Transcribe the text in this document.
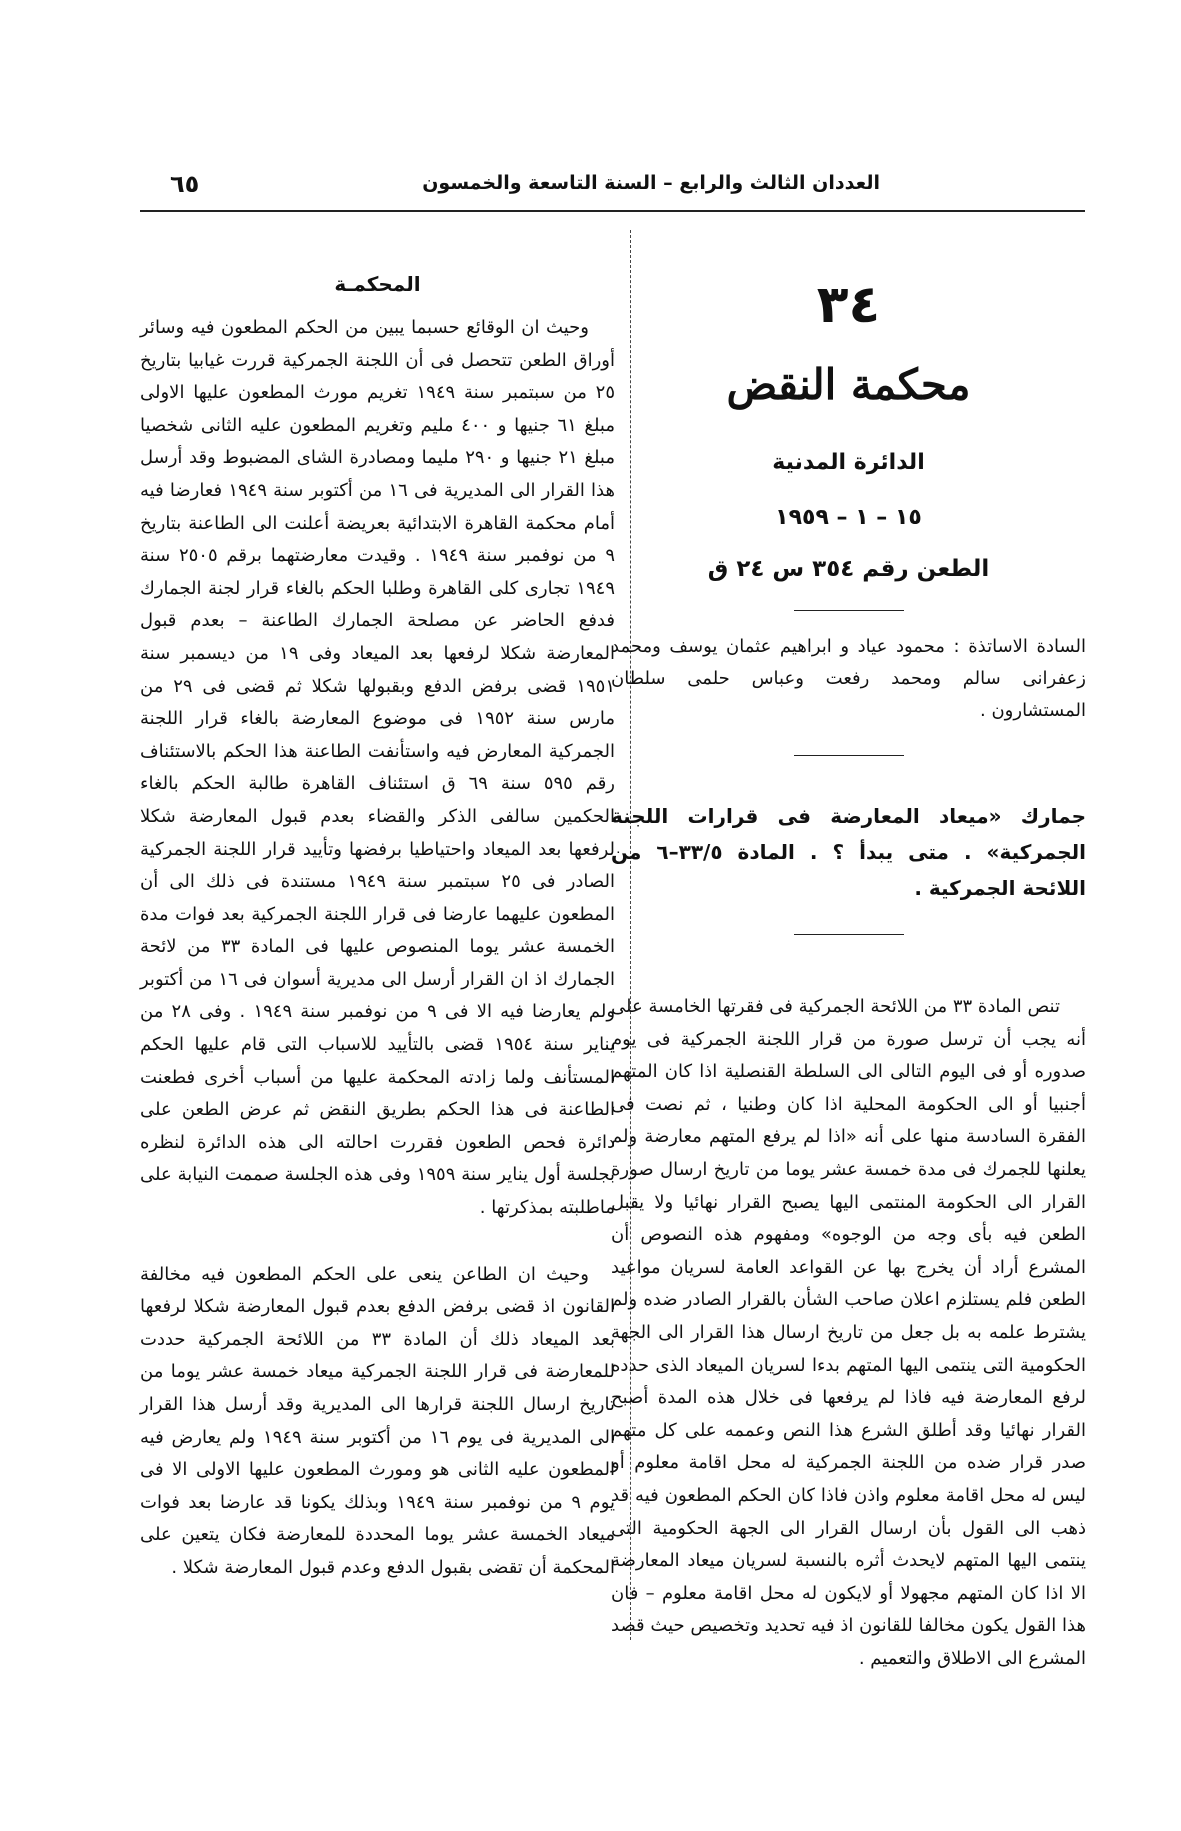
العددان الثالث والرابع – السنة التاسعة والخمسون
٦٥
٣٤
محكمة النقض
الدائرة المدنية
١٥ – ١ – ١٩٥٩
الطعن رقم ٣٥٤ س ٢٤ ق

السادة الاساتذة : محمود عياد و ابراهيم عثمان يوسف ومحمد زعفرانى سالم ومحمد رفعت وعباس حلمى سلطان المستشارون .

جمارك «ميعاد المعارضة فى قرارات اللجنة الجمركية» . متى يبدأ ؟ . المادة ٣٣/٥–٦ من اللائحة الجمركية .

تنص المادة ٣٣ من اللائحة الجمركية فى فقرتها الخامسة على أنه يجب أن ترسل صورة من قرار اللجنة الجمركية فى يوم صدوره أو فى اليوم التالى الى السلطة القنصلية اذا كان المتهم أجنبيا أو الى الحكومة المحلية اذا كان وطنيا ، ثم نصت فى الفقرة السادسة منها على أنه «اذا لم يرفع المتهم معارضة ولم يعلنها للجمرك فى مدة خمسة عشر يوما من تاريخ ارسال صورة القرار الى الحكومة المنتمى اليها يصبح القرار نهائيا ولا يقبل الطعن فيه بأى وجه من الوجوه» ومفهوم هذه النصوص أن المشرع أراد أن يخرج بها عن القواعد العامة لسريان مواعيد الطعن فلم يستلزم اعلان صاحب الشأن بالقرار الصادر ضده ولم يشترط علمه به بل جعل من تاريخ ارسال هذا القرار الى الجهة الحكومية التى ينتمى اليها المتهم بدءا لسريان الميعاد الذى حدده لرفع المعارضة فيه فاذا لم يرفعها فى خلال هذه المدة أصبح القرار نهائيا وقد أطلق الشرع هذا النص وعممه على كل متهم صدر قرار ضده من اللجنة الجمركية له محل اقامة معلوم أو ليس له محل اقامة معلوم واذن فاذا كان الحكم المطعون فيه قد ذهب الى القول بأن ارسال القرار الى الجهة الحكومية التى ينتمى اليها المتهم لايحدث أثره بالنسبة لسريان ميعاد المعارضة الا اذا كان المتهم مجهولا أو لايكون له محل اقامة معلوم – فان هذا القول يكون مخالفا للقانون اذ فيه تحديد وتخصيص حيث قصد المشرع الى الاطلاق والتعميم .

المحكمـة

وحيث ان الوقائع حسبما يبين من الحكم المطعون فيه وسائر أوراق الطعن تتحصل فى أن اللجنة الجمركية قررت غيابيا بتاريخ ٢٥ من سبتمبر سنة ١٩٤٩ تغريم مورث المطعون عليها الاولى مبلغ ٦١ جنيها و ٤٠٠ مليم وتغريم المطعون عليه الثانى شخصيا مبلغ ٢١ جنيها و ٢٩٠ مليما ومصادرة الشاى المضبوط وقد أرسل هذا القرار الى المديرية فى ١٦ من أكتوبر سنة ١٩٤٩ فعارضا فيه أمام محكمة القاهرة الابتدائية بعريضة أعلنت الى الطاعنة بتاريخ ٩ من نوفمبر سنة ١٩٤٩ . وقيدت معارضتهما برقم ٢٥٠٥ سنة ١٩٤٩ تجارى كلى القاهرة وطلبا الحكم بالغاء قرار لجنة الجمارك فدفع الحاضر عن مصلحة الجمارك الطاعنة – بعدم قبول المعارضة شكلا لرفعها بعد الميعاد وفى ١٩ من ديسمبر سنة ١٩٥١ قضى برفض الدفع وبقبولها شكلا ثم قضى فى ٢٩ من مارس سنة ١٩٥٢ فى موضوع المعارضة بالغاء قرار اللجنة الجمركية المعارض فيه واستأنفت الطاعنة هذا الحكم بالاستئناف رقم ٥٩٥ سنة ٦٩ ق استئناف القاهرة طالبة الحكم بالغاء الحكمين سالفى الذكر والقضاء بعدم قبول المعارضة شكلا لرفعها بعد الميعاد واحتياطيا برفضها وتأييد قرار اللجنة الجمركية الصادر فى ٢٥ سبتمبر سنة ١٩٤٩ مستندة فى ذلك الى أن المطعون عليهما عارضا فى قرار اللجنة الجمركية بعد فوات مدة الخمسة عشر يوما المنصوص عليها فى المادة ٣٣ من لائحة الجمارك اذ ان القرار أرسل الى مديرية أسوان فى ١٦ من أكتوبر ولم يعارضا فيه الا فى ٩ من نوفمبر سنة ١٩٤٩ . وفى ٢٨ من يناير سنة ١٩٥٤ قضى بالتأييد للاسباب التى قام عليها الحكم المستأنف ولما زادته المحكمة عليها من أسباب أخرى فطعنت الطاعنة فى هذا الحكم بطريق النقض ثم عرض الطعن على دائرة فحص الطعون فقررت احالته الى هذه الدائرة لنظره بجلسة أول يناير سنة ١٩٥٩ وفى هذه الجلسة صممت النيابة على ماطلبته بمذكرتها .

وحيث ان الطاعن ينعى على الحكم المطعون فيه مخالفة القانون اذ قضى برفض الدفع بعدم قبول المعارضة شكلا لرفعها بعد الميعاد ذلك أن المادة ٣٣ من اللائحة الجمركية حددت للمعارضة فى قرار اللجنة الجمركية ميعاد خمسة عشر يوما من تاريخ ارسال اللجنة قرارها الى المديرية وقد أرسل هذا القرار الى المديرية فى يوم ١٦ من أكتوبر سنة ١٩٤٩ ولم يعارض فيه المطعون عليه الثانى هو ومورث المطعون عليها الاولى الا فى يوم ٩ من نوفمبر سنة ١٩٤٩ وبذلك يكونا قد عارضا بعد فوات ميعاد الخمسة عشر يوما المحددة للمعارضة فكان يتعين على المحكمة أن تقضى بقبول الدفع وعدم قبول المعارضة شكلا .
